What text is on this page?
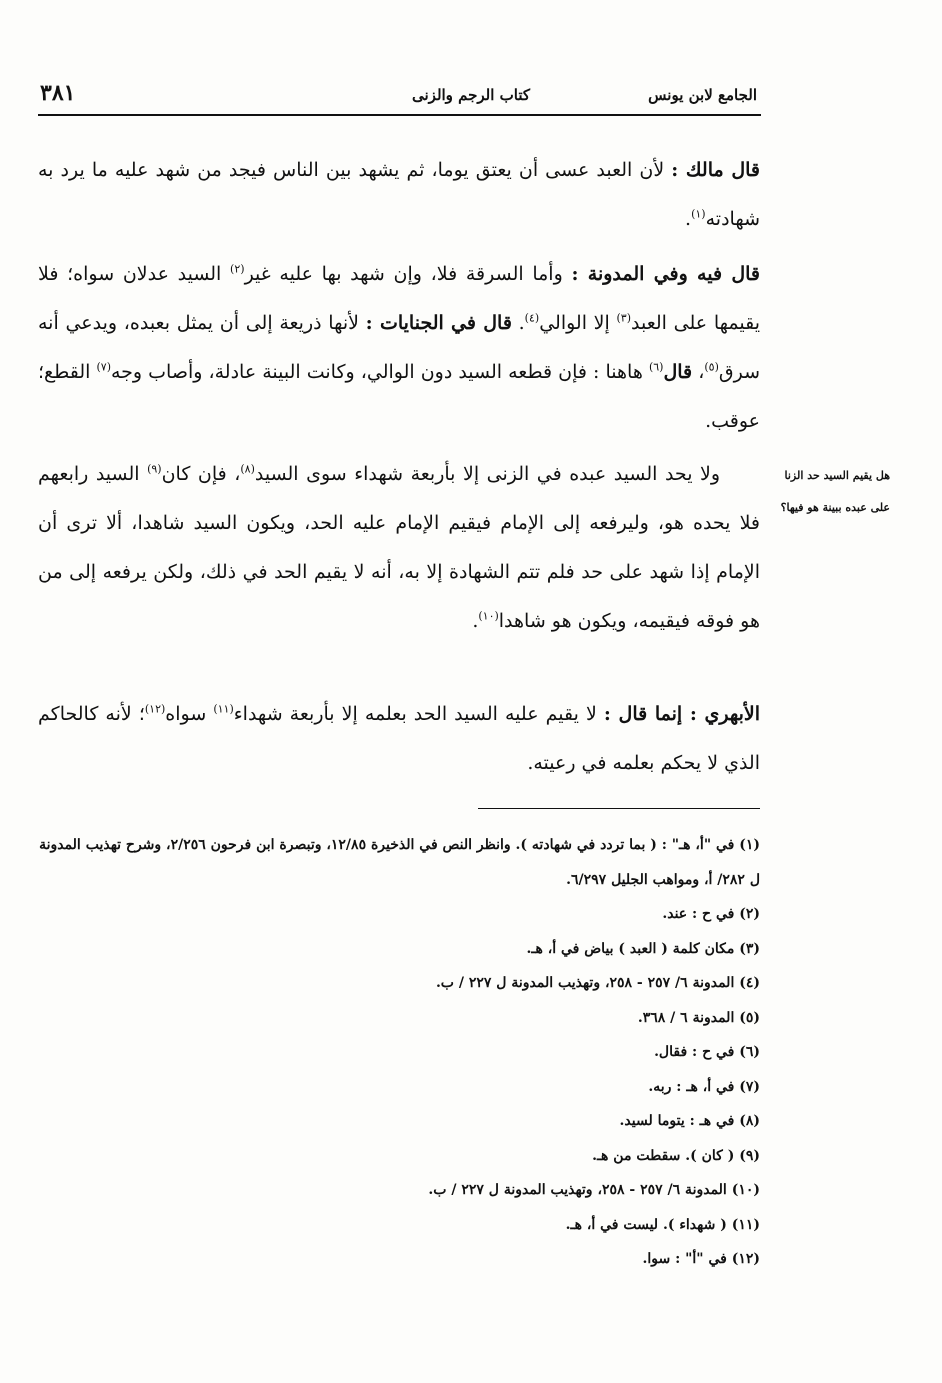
الجامع لابن يونس
كتاب الرجم والزنى
٣٨١
قال مالك : لأن العبد عسى أن يعتق يوما، ثم يشهد بين الناس فيجد من شهد عليه ما يرد به شهادته$^{(١)}$.
قال فيه وفي المدونة : وأما السرقة فلا، وإن شهد بها عليه غير$^{(٢)}$ السيد عدلان سواه؛ فلا يقيمها على العبد$^{(٣)}$ إلا الوالي$^{(٤)}$. قال في الجنايات : لأنها ذريعة إلى أن يمثل بعبده، ويدعي أنه سرق$^{(٥)}$، قال$^{(٦)}$ هاهنا : فإن قطعه السيد دون الوالي، وكانت البينة عادلة، وأصاب وجه$^{(٧)}$ القطع؛ عوقب.
ولا يحد السيد عبده في الزنى إلا بأربعة شهداء سوى السيد$^{(٨)}$، فإن كان$^{(٩)}$ السيد رابعهم فلا يحده هو، وليرفعه إلى الإمام فيقيم الإمام عليه الحد، ويكون السيد شاهدا، ألا ترى أن الإمام إذا شهد على حد فلم تتم الشهادة إلا به، أنه لا يقيم الحد في ذلك، ولكن يرفعه إلى من هو فوقه فيقيمه، ويكون هو شاهدا$^{(١٠)}$.
الأبهري : إنما قال : لا يقيم عليه السيد الحد بعلمه إلا بأربعة شهداء$^{(١١)}$ سواه$^{(١٢)}$؛ لأنه كالحاكم الذي لا يحكم بعلمه في رعيته.
هل يقيم السيد حد الزنا
على عبده ببينة هو فيها؟
(١) في "أ، هـ" : ( بما تردد في شهادته ). وانظر النص في الذخيرة ١٢/٨٥، وتبصرة ابن فرحون ٢/٢٥٦، وشرح تهذيب المدونة ل ٢٨٢/ أ، ومواهب الجليل ٦/٢٩٧.
(٢) في ح : عند.
(٣) مكان كلمة ( العبد ) بياض في أ، هـ.
(٤) المدونة ٦/ ٢٥٧ - ٢٥٨، وتهذيب المدونة ل ٢٢٧ / ب.
(٥) المدونة ٦ / ٣٦٨.
(٦) في ح : فقال.
(٧) في أ، هـ : ربه.
(٨) في هـ : يتوما لسيد.
(٩) ( كان ). سقطت من هـ.
(١٠) المدونة ٦/ ٢٥٧ - ٢٥٨، وتهذيب المدونة ل ٢٢٧ / ب.
(١١) ( شهداء ). ليست في أ، هـ.
(١٢) في "أ" : سوا.
